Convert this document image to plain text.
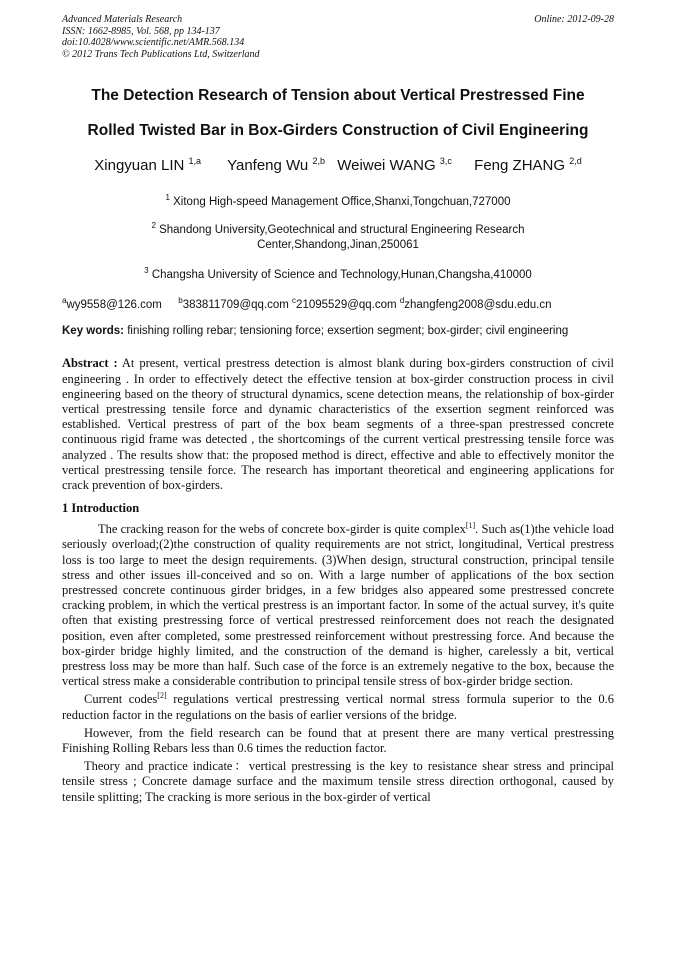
Advanced Materials Research
ISSN: 1662-8985, Vol. 568, pp 134-137
doi:10.4028/www.scientific.net/AMR.568.134
© 2012 Trans Tech Publications Ltd, Switzerland
Online: 2012-09-28
The Detection Research of Tension about Vertical Prestressed Fine
Rolled Twisted Bar in Box-Girders Construction of Civil Engineering
Xingyuan LIN $^{1,a}$ Yanfeng Wu $^{2,b}$ Weiwei WANG $^{3,c}$ Feng ZHANG $^{2,d}$
$^1$ Xitong High-speed Management Office,Shanxi,Tongchuan,727000
$^2$ Shandong University,Geotechnical and structural Engineering Research
Center,Shandong,Jinan,250061
$^3$ Changsha University of Science and Technology,Hunan,Changsha,410000
$^a$wy9558@126.com $^b$383811709@qq.com $^c$21095529@qq.com $^d$zhangfeng2008@sdu.edu.cn
Key words: finishing rolling rebar; tensioning force; exsertion segment; box-girder; civil engineering
Abstract : At present, vertical prestress detection is almost blank during box-girders construction of civil engineering . In order to effectively detect the effective tension at box-girder construction process in civil engineering based on the theory of structural dynamics, scene detection means, the relationship of box-girder vertical prestressing tensile force and dynamic characteristics of the exsertion segment reinforced was established. Vertical prestress of part of the box beam segments of a three-span prestressed concrete continuous rigid frame was detected , the shortcomings of the current vertical prestressing tensile force was analyzed . The results show that: the proposed method is direct, effective and able to effectively monitor the vertical prestressing tensile force. The research has important theoretical and engineering applications for crack prevention of box-girders.
1 Introduction

The cracking reason for the webs of concrete box-girder is quite complex[1]. Such as(1)the vehicle load seriously overload;(2)the construction of quality requirements are not strict, longitudinal, Vertical prestress loss is too large to meet the design requirements. (3)When design, structural construction, principal tensile stress and other issues ill-conceived and so on. With a large number of applications of the box section prestressed concrete continuous girder bridges, in a few bridges also appeared some prestressed concrete cracking problem, in which the vertical prestress is an important factor. In some of the actual survey, it's quite often that existing prestressing force of vertical prestressed reinforcement does not reach the designated position, even after completed, some prestressed reinforcement without prestressing force. And because the box-girder bridge highly limited, and the construction of the demand is higher, carelessly a bit, vertical prestress loss may be more than half. Such case of the force is an extremely negative to the box, because the vertical stress make a considerable contribution to principal tensile stress of box-girder bridge section.

Current codes[2] regulations vertical prestressing vertical normal stress formula superior to the 0.6 reduction factor in the regulations on the basis of earlier versions of the bridge.

However, from the field research can be found that at present there are many vertical prestressing Finishing Rolling Rebars less than 0.6 times the reduction factor.

Theory and practice indicate：vertical prestressing is the key to resistance shear stress and principal tensile stress ; Concrete damage surface and the maximum tensile stress direction orthogonal, caused by tensile splitting; The cracking is more serious in the box-girder of vertical
